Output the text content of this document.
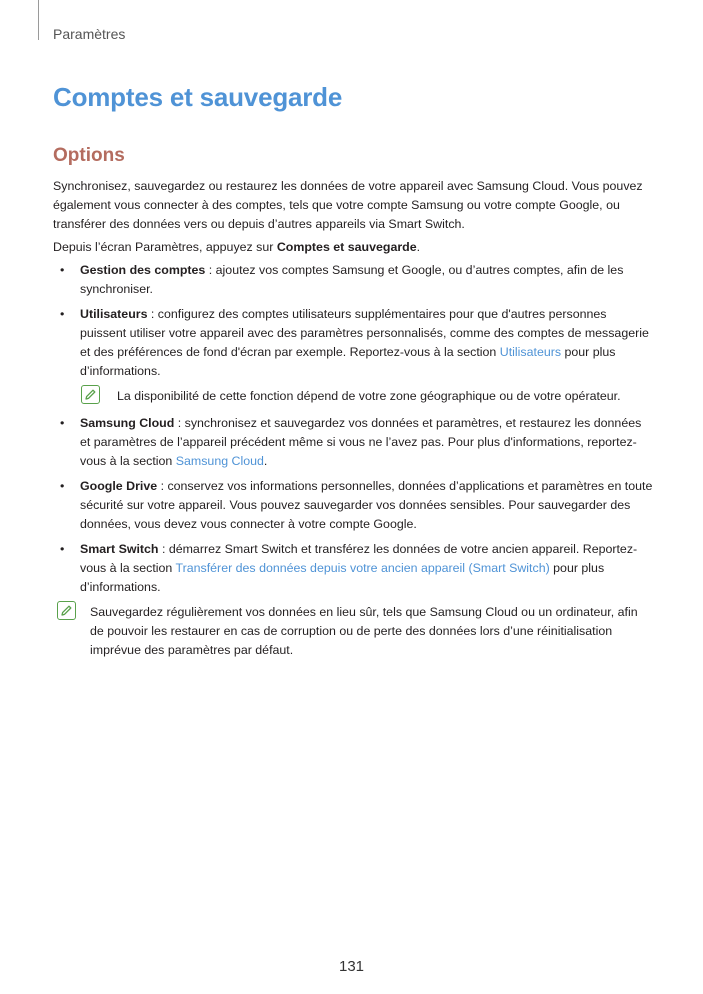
Paramètres
Comptes et sauvegarde
Options

Synchronisez, sauvegardez ou restaurez les données de votre appareil avec Samsung Cloud. Vous pouvez également vous connecter à des comptes, tels que votre compte Samsung ou votre compte Google, ou transférer des données vers ou depuis d’autres appareils via Smart Switch.

Depuis l’écran Paramètres, appuyez sur Comptes et sauvegarde.

• Gestion des comptes : ajoutez vos comptes Samsung et Google, ou d’autres comptes, afin de les synchroniser.
• Utilisateurs : configurez des comptes utilisateurs supplémentaires pour que d'autres personnes puissent utiliser votre appareil avec des paramètres personnalisés, comme des comptes de messagerie et des préférences de fond d'écran par exemple. Reportez-vous à la section Utilisateurs pour plus d’informations.
La disponibilité de cette fonction dépend de votre zone géographique ou de votre opérateur.
• Samsung Cloud : synchronisez et sauvegardez vos données et paramètres, et restaurez les données et paramètres de l’appareil précédent même si vous ne l’avez pas. Pour plus d'informations, reportez-vous à la section Samsung Cloud.
• Google Drive : conservez vos informations personnelles, données d’applications et paramètres en toute sécurité sur votre appareil. Vous pouvez sauvegarder vos données sensibles. Pour sauvegarder des données, vous devez vous connecter à votre compte Google.
• Smart Switch : démarrez Smart Switch et transférez les données de votre ancien appareil. Reportez-vous à la section Transférer des données depuis votre ancien appareil (Smart Switch) pour plus d’informations.
Sauvegardez régulièrement vos données en lieu sûr, tels que Samsung Cloud ou un ordinateur, afin de pouvoir les restaurer en cas de corruption ou de perte des données lors d’une réinitialisation imprévue des paramètres par défaut.
131
